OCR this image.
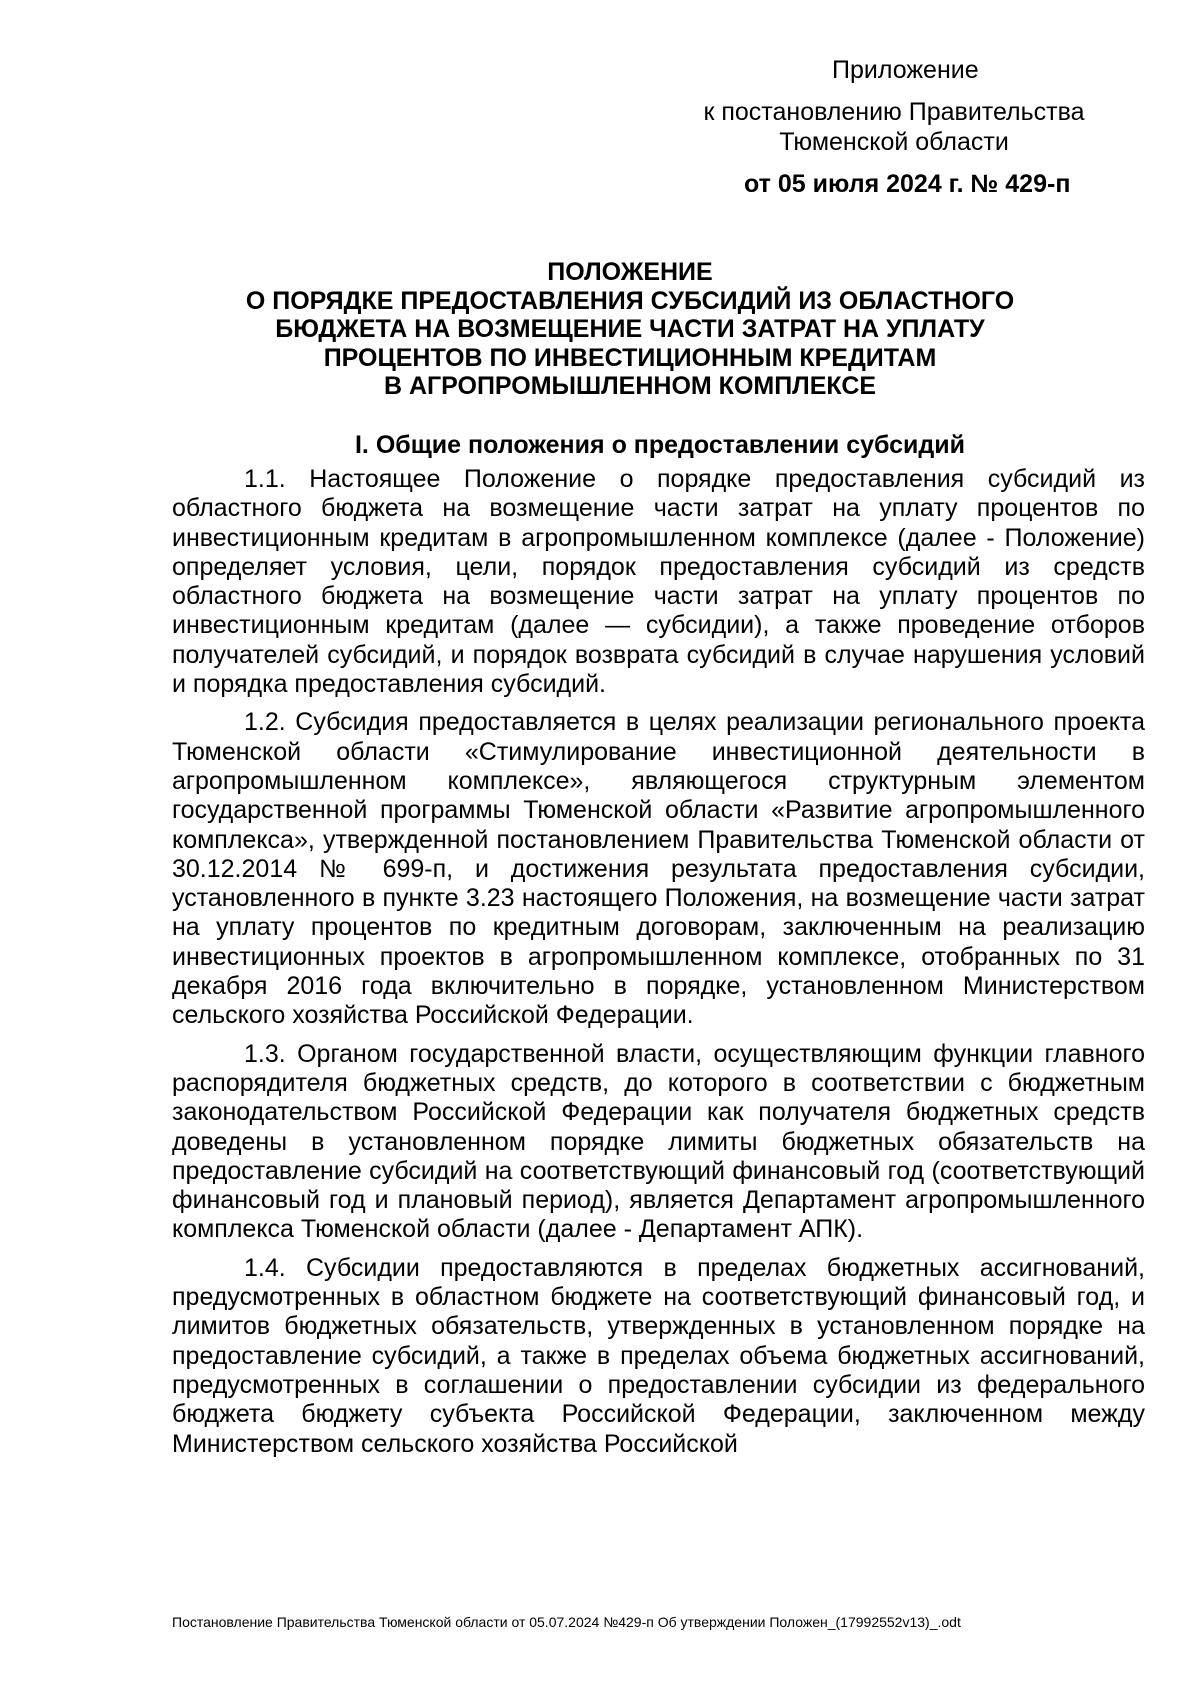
Приложение
к постановлению Правительства
Тюменской области
от 05 июля 2024 г. № 429-п
ПОЛОЖЕНИЕ
О ПОРЯДКЕ ПРЕДОСТАВЛЕНИЯ СУБСИДИЙ ИЗ ОБЛАСТНОГО
БЮДЖЕТА НА ВОЗМЕЩЕНИЕ ЧАСТИ ЗАТРАТ НА УПЛАТУ
ПРОЦЕНТОВ ПО ИНВЕСТИЦИОННЫМ КРЕДИТАМ
В АГРОПРОМЫШЛЕННОМ КОМПЛЕКСЕ
I. Общие положения о предоставлении субсидий

1.1. Настоящее Положение о порядке предоставления субсидий из областного бюджета на возмещение части затрат на уплату процентов по инвестиционным кредитам в агропромышленном комплексе (далее - Положение) определяет условия, цели, порядок предоставления субсидий из средств областного бюджета на возмещение части затрат на уплату процентов по инвестиционным кредитам (далее — субсидии), а также проведение отборов получателей субсидий, и порядок возврата субсидий в случае нарушения условий и порядка предоставления субсидий.

1.2. Субсидия предоставляется в целях реализации регионального проекта Тюменской области «Стимулирование инвестиционной деятельности в агропромышленном комплексе», являющегося структурным элементом государственной программы Тюменской области «Развитие агропромышленного комплекса», утвержденной постановлением Правительства Тюменской области от 30.12.2014 № 699-п, и достижения результата предоставления субсидии, установленного в пункте 3.23 настоящего Положения, на возмещение части затрат на уплату процентов по кредитным договорам, заключенным на реализацию инвестиционных проектов в агропромышленном комплексе, отобранных по 31 декабря 2016 года включительно в порядке, установленном Министерством сельского хозяйства Российской Федерации.

1.3. Органом государственной власти, осуществляющим функции главного распорядителя бюджетных средств, до которого в соответствии с бюджетным законодательством Российской Федерации как получателя бюджетных средств доведены в установленном порядке лимиты бюджетных обязательств на предоставление субсидий на соответствующий финансовый год (соответствующий финансовый год и плановый период), является Департамент агропромышленного комплекса Тюменской области (далее - Департамент АПК).

1.4. Субсидии предоставляются в пределах бюджетных ассигнований, предусмотренных в областном бюджете на соответствующий финансовый год, и лимитов бюджетных обязательств, утвержденных в установленном порядке на предоставление субсидий, а также в пределах объема бюджетных ассигнований, предусмотренных в соглашении о предоставлении субсидии из федерального бюджета бюджету субъекта Российской Федерации, заключенном между Министерством сельского хозяйства Российской

Постановление Правительства Тюменской области от 05.07.2024 №429-п Об утверждении Положен_(17992552v13)_.odt
